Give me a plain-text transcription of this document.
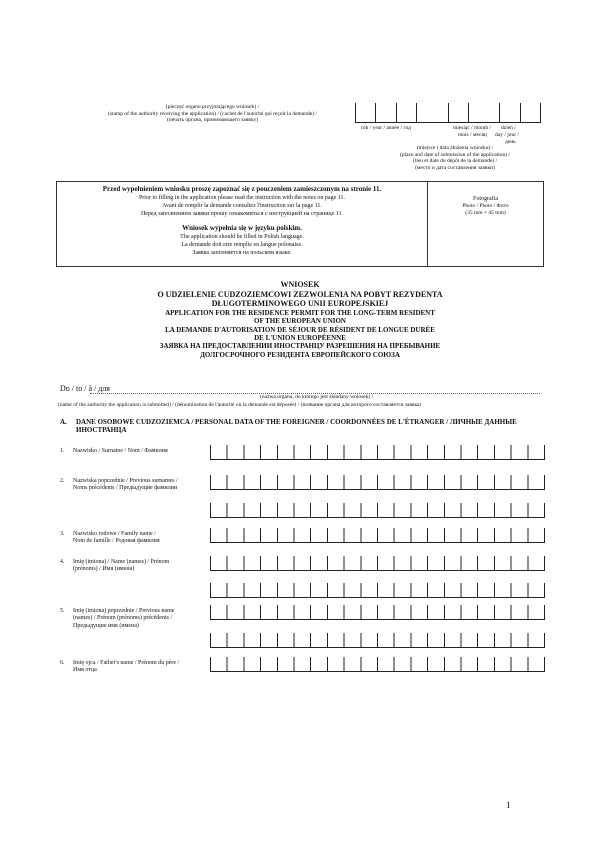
(pieczęć organu przyjmującego wniosek) /
(stamp of the authority receiving the application) / (cachet de l'autorité qui reçoit la demande) /
(печать органа, принимающего заявку)
rok / year / année / год	miesiąc / month /
mois / месяц
dzień /
day / jour /
день
(miejsce i data złożenia wniosku) /
(place and date of submission of the application) /
(lieu et date du dépôt de la demande) /
(место и дата составления заявки)
Przed wypełnieniem wniosku proszę zapoznać się z pouczeniem zamieszczonym na stronie 11.
Prior to filling in the application please read the instruction with the notes on page 11.
Avant de remplir la demande consultez l'instruction sur la page 11.
Перед заполнением заявки прошу ознакомиться с инструкцией на странице 11.
Wniosek wypełnia się w języku polskim.
The application should be filled in Polish language.
La demande doit etre remplie en langue polonaise.
Заявка заполняется на польском языке.
Fotografia
Photo / Photo / Фото
(35 mm × 45 mm)
WNIOSEK
O UDZIELENIE CUDZOZIEMCOWI ZEZWOLENIA NA POBYT REZYDENTA
DŁUGOTERMINOWEGO UNII EUROPEJSKIEJ
APPLICATION FOR THE RESIDENCE PERMIT FOR THE LONG-TERM RESIDENT
OF THE EUROPEAN UNION
LA DEMANDE D'AUTORISATION DE SÉJOUR DE RÉSIDENT DE LONGUE DURÉE
DE L'UNION EUROPÉENNE
ЗАЯВКА НА ПРЕДОСТАВЛЕНИИ ИНОСТРАНЦУ РАЗРЕШЕНИЯ НА ПРЕБЫВАНИЕ
ДОЛГОСРОЧНОГО РЕЗИДЕНТА ЕВРОПЕЙСКОГО СОЮЗА
Do / to / à / для
(nazwa organu, do którego jest składany wniosek) /
(name of the authority the application is submitted) / (dénomination de l'autorité où la demande est déposée) / (название органа для которого составляется заявка)
A. DANE OSOBOWE CUDZOZIEMCA / PERSONAL DATA OF THE FOREIGNER / COORDONNÉES DE L'ÉTRANGER / ЛИЧНЫЕ ДАННЫЕ ИНОСТРАНЦА
1. Nazwisko / Surname / Nom / Фамилия
2. Nazwiska poprzednie / Previous surnames /
Noms précédents / Предыдущие фамилии
3. Nazwisko rodowe / Family name /
Nom de famille / Родовая фамилия
4. Imię (imiona) / Name (names) / Prénom
(prénoms) / Имя (имена)
5. Imię (imiona) poprzednie / Previous name
(names) / Prénom (prénoms) précédents /
Предыдущие имя (имена)
6. Imię ojca / Father's name / Prénom du père /
Имя отца
1
